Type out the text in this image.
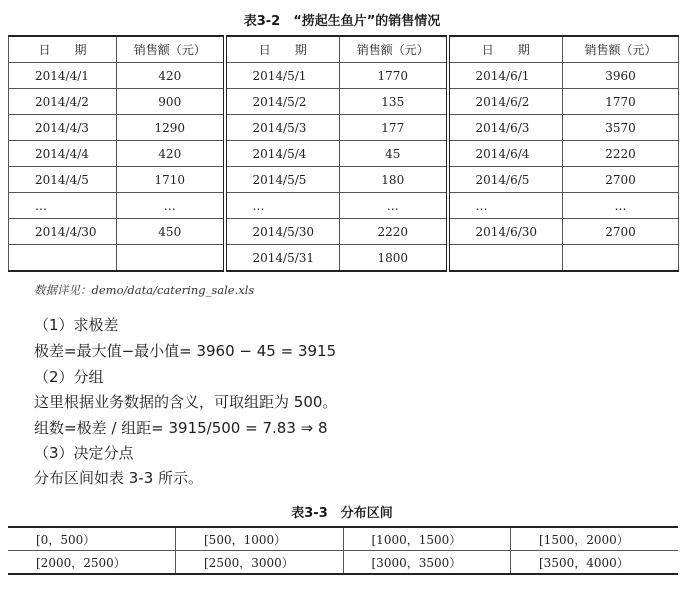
表3-2　“捞起生鱼片”的销售情况
日　　期	销售额（元）	日　　期	销售额（元）	日　　期	销售额（元）
2014/4/1	420	2014/5/1	1770	2014/6/1	3960
2014/4/2	900	2014/5/2	135	2014/6/2	1770
2014/4/3	1290	2014/5/3	177	2014/6/3	3570
2014/4/4	420	2014/5/4	45	2014/6/4	2220
2014/4/5	1710	2014/5/5	180	2014/6/5	2700
…	…	…	…	…	…
2014/4/30	450	2014/5/30	2220	2014/6/30	2700
		2014/5/31	1800		
数据详见：demo/data/catering_sale.xls
（1）求极差
极差=最大值−最小值= 3960 − 45 = 3915
（2）分组
这里根据业务数据的含义，可取组距为 500。
组数=极差 / 组距= 3915/500 = 7.83 ⇒ 8
（3）决定分点
分布区间如表 3-3 所示。
表3-3　分布区间
[0，500）	[500，1000）	[1000，1500）	[1500，2000）
[2000，2500）	[2500，3000）	[3000，3500）	[3500，4000）
